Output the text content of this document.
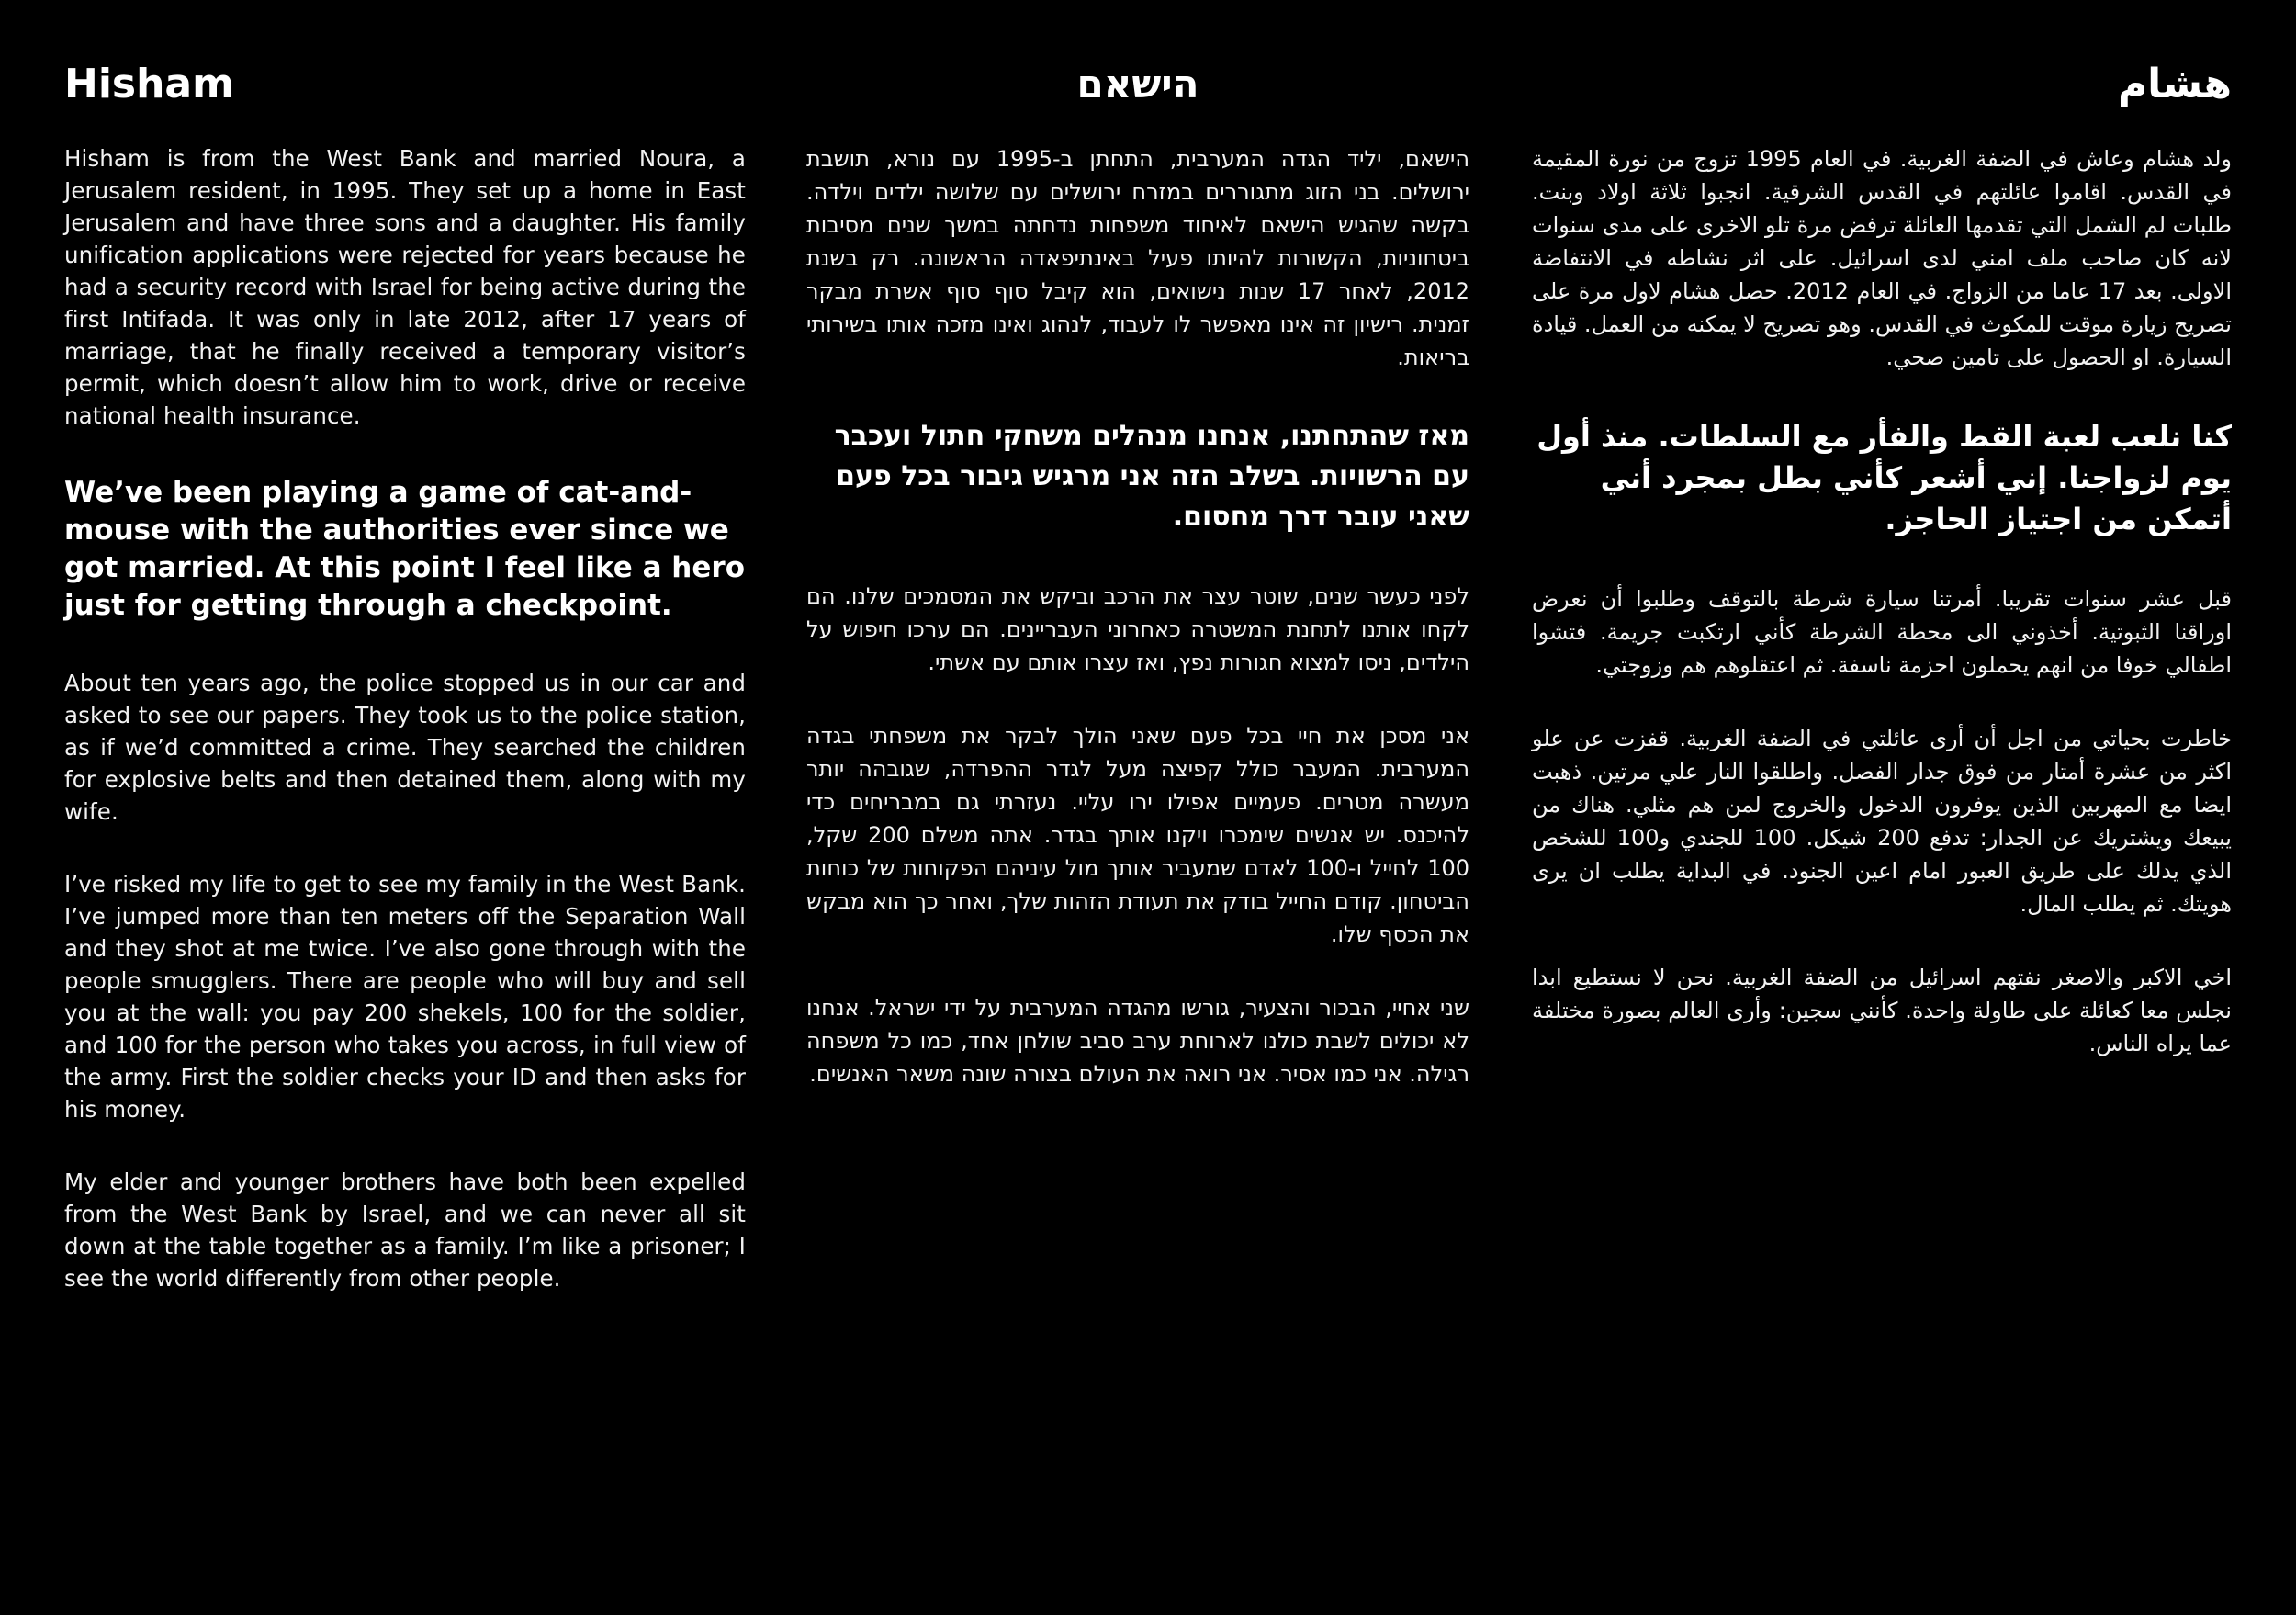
Hisham

Hisham is from the West Bank and married Noura, a Jerusalem resident, in 1995. They set up a home in East Jerusalem and have three sons and a daughter. His family unification applications were rejected for years because he had a security record with Israel for being active during the first Intifada. It was only in late 2012, after 17 years of marriage, that he finally received a temporary visitor’s permit, which doesn’t allow him to work, drive or receive national health insurance.

We’ve been playing a game of cat-and-mouse with the authorities ever since we got married. At this point I feel like a hero just for getting through a checkpoint.

About ten years ago, the police stopped us in our car and asked to see our papers. They took us to the police station, as if we’d committed a crime. They searched the children for explosive belts and then detained them, along with my wife.

I’ve risked my life to get to see my family in the West Bank. I’ve jumped more than ten meters off the Separation Wall and they shot at me twice. I’ve also gone through with the people smugglers. There are people who will buy and sell you at the wall: you pay 200 shekels, 100 for the soldier, and 100 for the person who takes you across, in full view of the army. First the soldier checks your ID and then asks for his money.

My elder and younger brothers have both been expelled from the West Bank by Israel, and we can never all sit down at the table together as a family. I’m like a prisoner; I see the world differently from other people.

הישאם

הישאם, יליד הגדה המערבית, התחתן ב-1995 עם נורא, תושבת ירושלים. בני הזוג מתגוררים במזרח ירושלים עם שלושה ילדים וילדה. בקשה שהגיש הישאם לאיחוד משפחות נדחתה במשך שנים מסיבות ביטחוניות, הקשורות להיותו פעיל באינתיפאדה הראשונה. רק בשנת 2012, לאחר 17 שנות נישואים, הוא קיבל סוף סוף אשרת מבקר זמנית. רישיון זה אינו מאפשר לו לעבוד, לנהוג ואינו מזכה אותו בשירותי בריאות.

מאז שהתחתנו, אנחנו מנהלים משחקי חתול ועכבר עם הרשויות. בשלב הזה אני מרגיש גיבור בכל פעם שאני עובר דרך מחסום.

לפני כעשר שנים, שוטר עצר את הרכב וביקש את המסמכים שלנו. הם לקחו אותנו לתחנת המשטרה כאחרוני העבריינים. הם ערכו חיפוש על הילדים, ניסו למצוא חגורות נפץ, ואז עצרו אותם עם אשתי.

אני מסכן את חיי בכל פעם שאני הולך לבקר את משפחתי בגדה המערבית. המעבר כולל קפיצה מעל לגדר ההפרדה, שגובהה יותר מעשרה מטרים. פעמיים אפילו ירו עליי. נעזרתי גם במבריחים כדי להיכנס. יש אנשים שימכרו ויקנו אותך בגדר. אתה משלם 200 שקל, 100 לחייל ו-100 לאדם שמעביר אותך מול עיניהם הפקוחות של כוחות הביטחון. קודם החייל בודק את תעודת הזהות שלך, ואחר כך הוא מבקש את הכסף שלו.

שני אחיי, הבכור והצעיר, גורשו מהגדה המערבית על ידי ישראל. אנחנו לא יכולים לשבת כולנו לארוחת ערב סביב שולחן אחד, כמו כל משפחה רגילה. אני כמו אסיר. אני רואה את העולם בצורה שונה משאר האנשים.

هشام

ولد هشام وعاش في الضفة الغربية. في العام 1995 تزوج من نورة المقيمة في القدس. اقاموا عائلتهم في القدس الشرقية. انجبوا ثلاثة اولاد وبنت. طلبات لم الشمل التي تقدمها العائلة ترفض مرة تلو الاخرى على مدى سنوات لانه كان صاحب ملف امني لدى اسرائيل. على اثر نشاطه في الانتفاضة الاولى. بعد 17 عاما من الزواج. في العام 2012. حصل هشام لاول مرة على تصريح زيارة موقت للمكوث في القدس. وهو تصريح لا يمكنه من العمل. قيادة السيارة. او الحصول على تامين صحي.

كنا نلعب لعبة القط والفأر مع السلطات. منذ أول يوم لزواجنا. إني أشعر كأني بطل بمجرد أني أتمكن من اجتياز الحاجز.

قبل عشر سنوات تقريبا. أمرتنا سيارة شرطة بالتوقف وطلبوا أن نعرض اوراقنا الثبوتية. أخذوني الى محطة الشرطة كأني ارتكبت جريمة. فتشوا اطفالي خوفا من انهم يحملون احزمة ناسفة. ثم اعتقلوهم هم وزوجتي.

خاطرت بحياتي من اجل أن أرى عائلتي في الضفة الغربية. قفزت عن علو اكثر من عشرة أمتار من فوق جدار الفصل. واطلقوا النار علي مرتين. ذهبت ايضا مع المهربين الذين يوفرون الدخول والخروج لمن هم مثلي. هناك من يبيعك ويشتريك عن الجدار: تدفع 200 شيكل. 100 للجندي و100 للشخص الذي يدلك على طريق العبور امام اعين الجنود. في البداية يطلب ان يرى هويتك. ثم يطلب المال.

اخي الاكبر والاصغر نفتهم اسرائيل من الضفة الغربية. نحن لا نستطيع ابدا نجلس معا كعائلة على طاولة واحدة. كأنني سجين: وأرى العالم بصورة مختلفة عما يراه الناس.
